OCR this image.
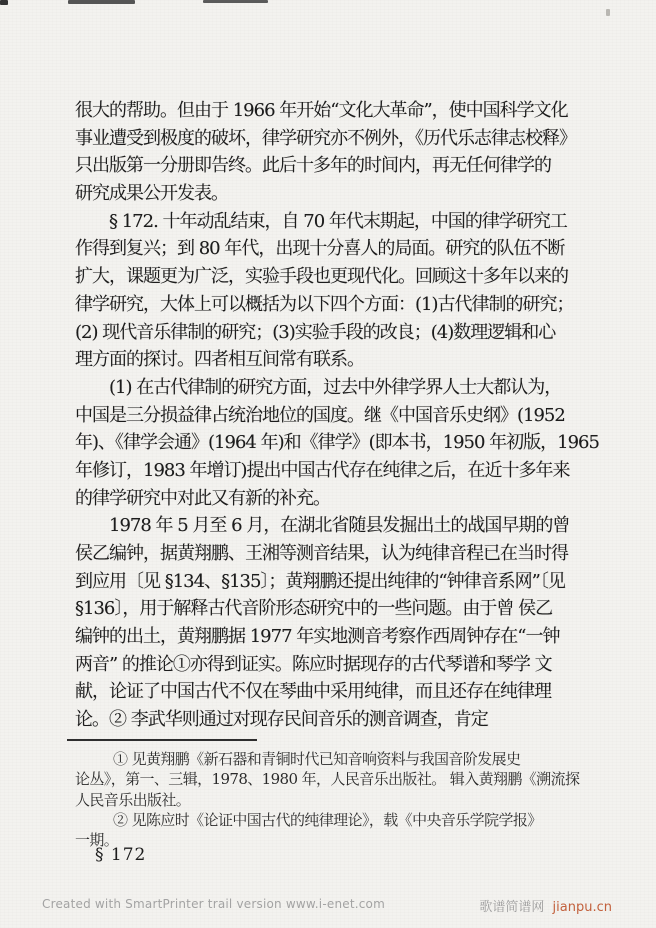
很大的帮助。但由于 1966 年开始“文化大革命”，使中国科学文化
事业遭受到极度的破坏，律学研究亦不例外，《历代乐志律志校释》
只出版第一分册即告终。此后十多年的时间内，再无任何律学的
研究成果公开发表。
§ 172. 十年动乱结束，自 70 年代末期起，中国的律学研究工
作得到复兴；到 80 年代，出现十分喜人的局面。研究的队伍不断
扩大，课题更为广泛，实验手段也更现代化。回顾这十多年以来的
律学研究，大体上可以概括为以下四个方面：(1)古代律制的研究；
(2) 现代音乐律制的研究；(3)实验手段的改良；(4)数理逻辑和心
理方面的探讨。四者相互间常有联系。
(1) 在古代律制的研究方面，过去中外律学界人士大都认为，
中国是三分损益律占统治地位的国度。继《中国音乐史纲》(1952
年)、《律学会通》(1964 年)和《律学》(即本书，1950 年初版，1965
年修订，1983 年增订)提出中国古代存在纯律之后，在近十多年来
的律学研究中对此又有新的补充。
1978 年 5 月至 6 月，在湖北省随县发掘出土的战国早期的曾
侯乙编钟，据黄翔鹏、王湘等测音结果，认为纯律音程已在当时得
到应用〔见 §134、§135〕；黄翔鹏还提出纯律的“钟律音系网”〔见
§136〕，用于解释古代音阶形态研究中的一些问题。由于曾 侯乙
编钟的出土，黄翔鹏据 1977 年实地测音考察作西周钟存在“一钟
两音” 的推论①亦得到证实。陈应时据现存的古代琴谱和琴学 文
献，论证了中国古代不仅在琴曲中采用纯律，而且还存在纯律理
论。② 李武华则通过对现存民间音乐的测音调查，肯定
① 见黄翔鹏《新石器和青铜时代已知音响资料与我国音阶发展史
论丛》，第一、三辑，1978、1980 年，人民音乐出版社。 辑入黄翔鹏《溯流探
人民音乐出版社。
② 见陈应时《论证中国古代的纯律理论》，载《中央音乐学院学报》
一期。
§ 172
Created with SmartPrinter trail version www.i-enet.com	歌谱简谱网 jianpu.cn
